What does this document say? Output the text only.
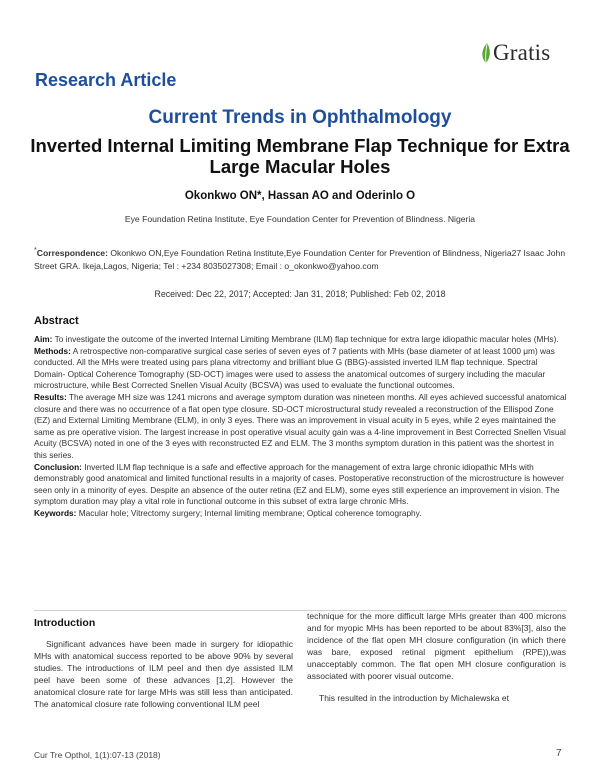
Gratis
Research Article
Current Trends in Ophthalmology
Inverted Internal Limiting Membrane Flap Technique for Extra Large Macular Holes
Okonkwo ON*, Hassan AO and Oderinlo O
Eye Foundation Retina Institute, Eye Foundation Center for Prevention of Blindness. Nigeria
*Correspondence: Okonkwo ON,Eye Foundation Retina Institute,Eye Foundation Center for Prevention of Blindness, Nigeria27 Isaac John Street GRA. Ikeja,Lagos, Nigeria; Tel : +234 8035027308; Email : o_okonkwo@yahoo.com
Received: Dec 22, 2017; Accepted: Jan 31, 2018; Published: Feb 02, 2018
Abstract

Aim: To investigate the outcome of the inverted Internal Limiting Membrane (ILM) flap technique for extra large idiopathic macular holes (MHs).

Methods: A retrospective non-comparative surgical case series of seven eyes of 7 patients with MHs (base diameter of at least 1000 μm) was conducted. All the MHs were treated using pars plana vitrectomy and brilliant blue G (BBG)-assisted inverted ILM flap technique. Spectral Domain- Optical Coherence Tomography (SD-OCT) images were used to assess the anatomical outcomes of surgery including the macular microstructure, while Best Corrected Snellen Visual Acuity (BCSVA) was used to evaluate the functional outcomes.

Results: The average MH size was 1241 microns and average symptom duration was nineteen months. All eyes achieved successful anatomical closure and there was no occurrence of a flat open type closure. SD-OCT microstructural study revealed a reconstruction of the Ellispod Zone (EZ) and External Limiting Membrane (ELM), in only 3 eyes. There was an improvement in visual acuity in 5 eyes, while 2 eyes maintained the same as pre operative vision. The largest increase in post operative visual acuity gain was a 4-line improvement in Best Corrected Snellen Visual Acuity (BCSVA) noted in one of the 3 eyes with reconstructed EZ and ELM. The 3 months symptom duration in this patient was the shortest in this series.

Conclusion: Inverted ILM flap technique is a safe and effective approach for the management of extra large chronic idiopathic MHs with demonstrably good anatomical and limited functional results in a majority of cases. Postoperative reconstruction of the microstructure is however seen only in a minority of eyes. Despite an absence of the outer retina (EZ and ELM), some eyes still experience an improvement in vision. The symptom duration may play a vital role in functional outcome in this subset of extra large chronic MHs.

Keywords: Macular hole; Vitrectomy surgery; Internal limiting membrane; Optical coherence tomography.

Introduction
Significant advances have been made in surgery for idiopathic MHs with anatomical success reported to be above 90% by several studies. The introductions of ILM peel and then dye assisted ILM peel have been some of these advances [1,2]. However the anatomical closure rate for large MHs was still less than anticipated. The anatomical closure rate following conventional ILM peel

technique for the more difficult large MHs greater than 400 microns and for myopic MHs has been reported to be about 83%[3], also the incidence of the flat open MH closure configuration (in which there was bare, exposed retinal pigment epithelium (RPE)),was unacceptably common. The flat open MH closure configuration is associated with poorer visual outcome.

This resulted in the introduction by Michalewska et

Cur Tre Opthol, 1(1):07-13 (2018)	7
